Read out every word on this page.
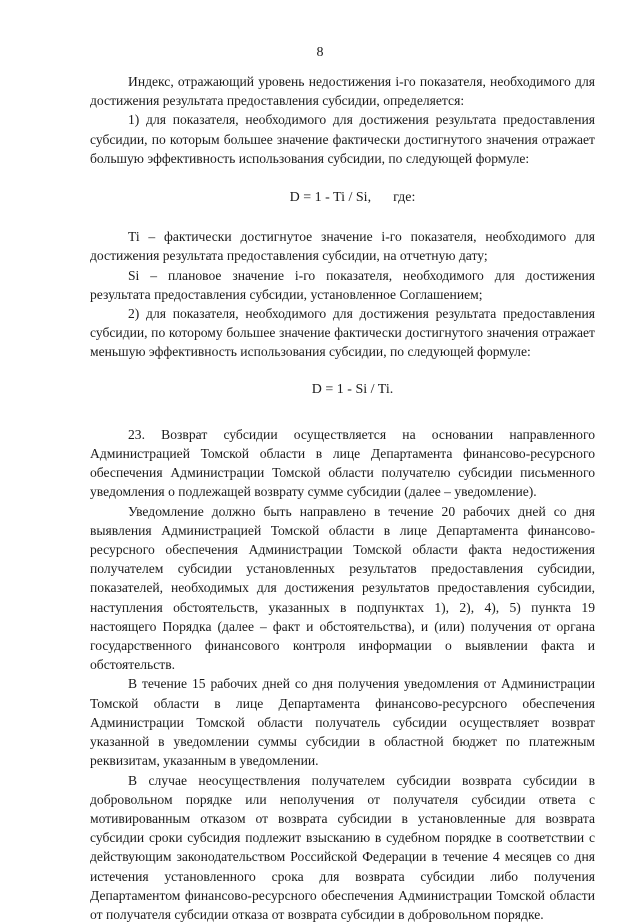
8

Индекс, отражающий уровень недостижения i-го показателя, необходимого для достижения результата предоставления субсидии, определяется:

1) для показателя, необходимого для достижения результата предоставления субсидии, по которым большее значение фактически достигнутого значения отражает большую эффективность использования субсидии, по следующей формуле:

D = 1 - Ti / Si, где:

Ti – фактически достигнутое значение i-го показателя, необходимого для достижения результата предоставления субсидии, на отчетную дату;

Si – плановое значение i-го показателя, необходимого для достижения результата предоставления субсидии, установленное Соглашением;

2) для показателя, необходимого для достижения результата предоставления субсидии, по которому большее значение фактически достигнутого значения отражает меньшую эффективность использования субсидии, по следующей формуле:

D = 1 - Si / Ti.

23. Возврат субсидии осуществляется на основании направленного Администрацией Томской области в лице Департамента финансово-ресурсного обеспечения Администрации Томской области получателю субсидии письменного уведомления о подлежащей возврату сумме субсидии (далее – уведомление).

Уведомление должно быть направлено в течение 20 рабочих дней со дня выявления Администрацией Томской области в лице Департамента финансово-ресурсного обеспечения Администрации Томской области факта недостижения получателем субсидии установленных результатов предоставления субсидии, показателей, необходимых для достижения результатов предоставления субсидии, наступления обстоятельств, указанных в подпунктах 1), 2), 4), 5) пункта 19 настоящего Порядка (далее – факт и обстоятельства), и (или) получения от органа государственного финансового контроля информации о выявлении факта и обстоятельств.

В течение 15 рабочих дней со дня получения уведомления от Администрации Томской области в лице Департамента финансово-ресурсного обеспечения Администрации Томской области получатель субсидии осуществляет возврат указанной в уведомлении суммы субсидии в областной бюджет по платежным реквизитам, указанным в уведомлении.

В случае неосуществления получателем субсидии возврата субсидии в добровольном порядке или неполучения от получателя субсидии ответа с мотивированным отказом от возврата субсидии в установленные для возврата субсидии сроки субсидия подлежит взысканию в судебном порядке в соответствии с действующим законодательством Российской Федерации в течение 4 месяцев со дня истечения установленного срока для возврата субсидии либо получения Департаментом финансово-ресурсного обеспечения Администрации Томской области от получателя субсидии отказа от возврата субсидии в добровольном порядке.
